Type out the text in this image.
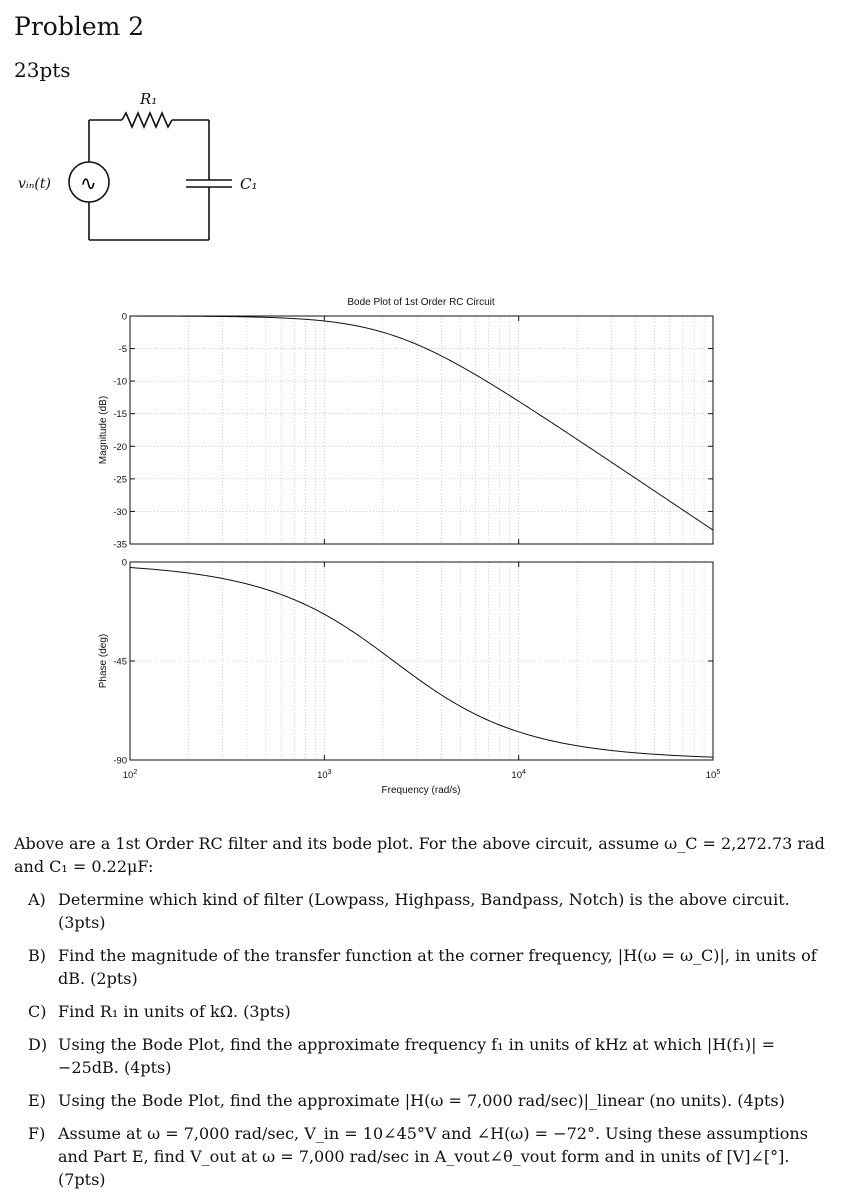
Problem 2
23pts
R₁
C₁
vᵢₙ(t) ∿
Bode Plot of 1st Order RC Circuit
0
-5
-10
-15
-20
-25
-30
-35
Magnitude (dB)
0
-45
-90
Phase (deg)
$10^2$	$10^3$	$10^4$	$10^5$
Frequency (rad/s)

Above are a 1st Order RC filter and its bode plot. For the above circuit, assume ω_C = 2,272.73 rad and C₁ = 0.22μF:

A) Determine which kind of filter (Lowpass, Highpass, Bandpass, Notch) is the above circuit. (3pts)
B) Find the magnitude of the transfer function at the corner frequency, |H(ω = ω_C)|, in units of dB. (2pts)
C) Find R₁ in units of kΩ. (3pts)
D) Using the Bode Plot, find the approximate frequency f₁ in units of kHz at which |H(f₁)| = −25dB. (4pts)
E) Using the Bode Plot, find the approximate |H(ω = 7,000 rad/sec)|_linear (no units). (4pts)
F) Assume at ω = 7,000 rad/sec, V_in = 10∠45°V and ∠H(ω) = −72°. Using these assumptions and Part E, find V_out at ω = 7,000 rad/sec in A_vout∠θ_vout form and in units of [V]∠[°]. (7pts)
